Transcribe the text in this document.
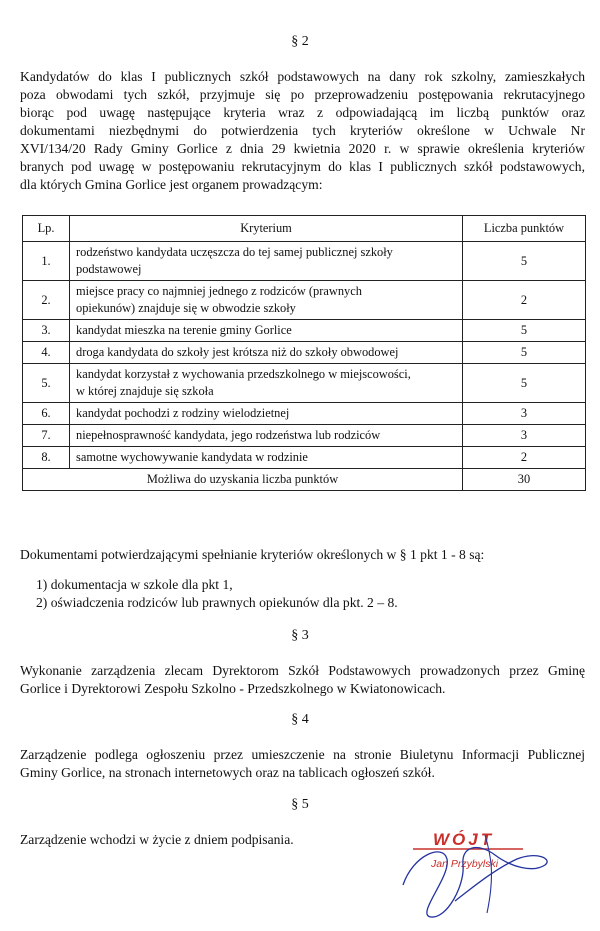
§ 2
Kandydatów do klas I publicznych szkół podstawowych na dany rok szkolny, zamieszkałych
poza obwodami tych szkół, przyjmuje się po przeprowadzeniu postępowania rekrutacyjnego
biorąc pod uwagę następujące kryteria wraz z odpowiadającą im liczbą punktów oraz
dokumentami niezbędnymi do potwierdzenia tych kryteriów określone w Uchwale Nr
XVI/134/20 Rady Gminy Gorlice z dnia 29 kwietnia 2020 r. w sprawie określenia kryteriów
branych pod uwagę w postępowaniu rekrutacyjnym do klas I publicznych szkół podstawowych,
dla których Gmina Gorlice jest organem prowadzącym:
Lp.	Kryterium	Liczba punktów
1.	rodzeństwo kandydata uczęszcza do tej samej publicznej szkoły
podstawowej	5
2.	miejsce pracy co najmniej jednego z rodziców (prawnych
opiekunów) znajduje się w obwodzie szkoły	2
3.	kandydat mieszka na terenie gminy Gorlice	5
4.	droga kandydata do szkoły jest krótsza niż do szkoły obwodowej	5
5.	kandydat korzystał z wychowania przedszkolnego w miejscowości,
w której znajduje się szkoła	5
6.	kandydat pochodzi z rodziny wielodzietnej	3
7.	niepełnosprawność kandydata, jego rodzeństwa lub rodziców	3
8.	samotne wychowywanie kandydata w rodzinie	2
Możliwa do uzyskania liczba punktów		30
Dokumentami potwierdzającymi spełnianie kryteriów określonych w § 1 pkt 1 - 8 są:
1) dokumentacja w szkole dla pkt 1,
2) oświadczenia rodziców lub prawnych opiekunów dla pkt. 2 – 8.
§ 3
Wykonanie zarządzenia zlecam Dyrektorom Szkół Podstawowych prowadzonych przez Gminę
Gorlice i Dyrektorowi Zespołu Szkolno - Przedszkolnego w Kwiatonowicach.
§ 4
Zarządzenie podlega ogłoszeniu przez umieszczenie na stronie Biuletynu Informacji Publicznej
Gminy Gorlice, na stronach internetowych oraz na tablicach ogłoszeń szkół.
§ 5
Zarządzenie wchodzi w życie z dniem podpisania.	WÓJT
Jan Przybylski
